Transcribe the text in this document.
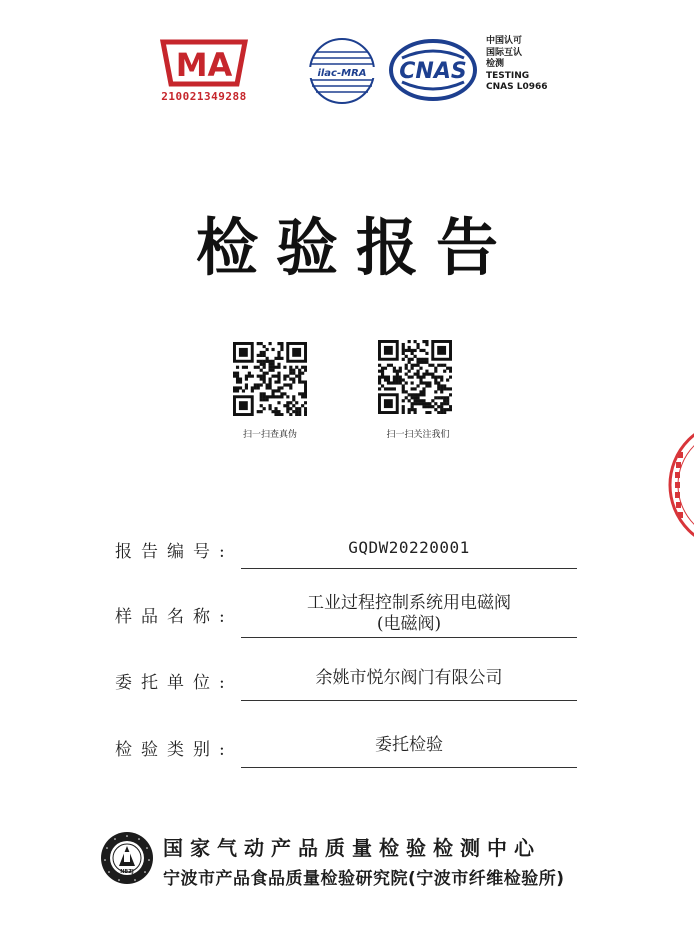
MA
210021349288
ilac-MRA CNAS
中国认可
国际互认
检测
TESTING
CNAS L0966
检验报告
扫一扫查真伪	扫一扫关注我们
报告编号:	GQDW20220001
样品名称:
工业过程控制系统用电磁阀
(电磁阀)
委托单位:	余姚市悦尔阀门有限公司
检验类别:	委托检验
NBZJ
国家气动产品质量检验检测中心
宁波市产品食品质量检验研究院(宁波市纤维检验所)
